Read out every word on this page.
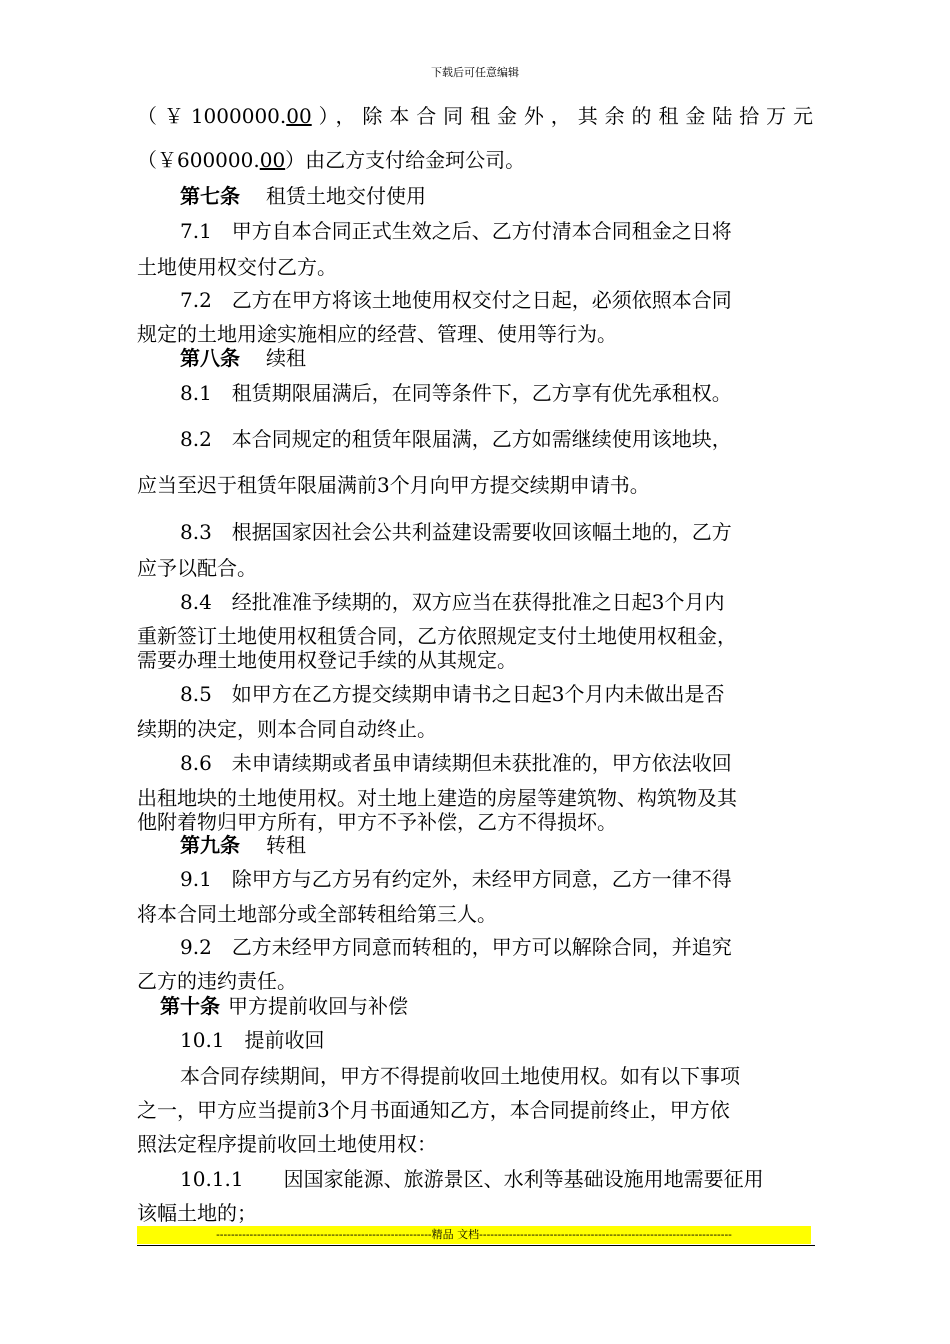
下载后可任意编辑
（￥1000000.00），除本合同租金外，其余的租金陆拾万元
（￥600000.00）由乙方支付给金珂公司。
第七条 租赁土地交付使用
7.1　甲方自本合同正式生效之后、乙方付清本合同租金之日将
土地使用权交付乙方。
7.2　乙方在甲方将该土地使用权交付之日起，必须依照本合同
规定的土地用途实施相应的经营、管理、使用等行为。
第八条 续租
8.1　租赁期限届满后，在同等条件下，乙方享有优先承租权。
8.2　本合同规定的租赁年限届满，乙方如需继续使用该地块，
应当至迟于租赁年限届满前3个月向甲方提交续期申请书。
8.3　根据国家因社会公共利益建设需要收回该幅土地的，乙方
应予以配合。
8.4　经批准准予续期的，双方应当在获得批准之日起3个月内
重新签订土地使用权租赁合同，乙方依照规定支付土地使用权租金，
需要办理土地使用权登记手续的从其规定。
8.5　如甲方在乙方提交续期申请书之日起3个月内未做出是否
续期的决定，则本合同自动终止。
8.6　未申请续期或者虽申请续期但未获批准的，甲方依法收回
出租地块的土地使用权。对土地上建造的房屋等建筑物、构筑物及其
他附着物归甲方所有，甲方不予补偿，乙方不得损坏。
第九条 转租
9.1　除甲方与乙方另有约定外，未经甲方同意，乙方一律不得
将本合同土地部分或全部转租给第三人。
9.2　乙方未经甲方同意而转租的，甲方可以解除合同，并追究
乙方的违约责任。
第十条 甲方提前收回与补偿
10.1　提前收回
本合同存续期间，甲方不得提前收回土地使用权。如有以下事项
之一，甲方应当提前3个月书面通知乙方，本合同提前终止，甲方依
照法定程序提前收回土地使用权：
10.1.1　　因国家能源、旅游景区、水利等基础设施用地需要征用
该幅土地的；
----------------------------------------------------------精品 文档--------------------------------------------------------------------
